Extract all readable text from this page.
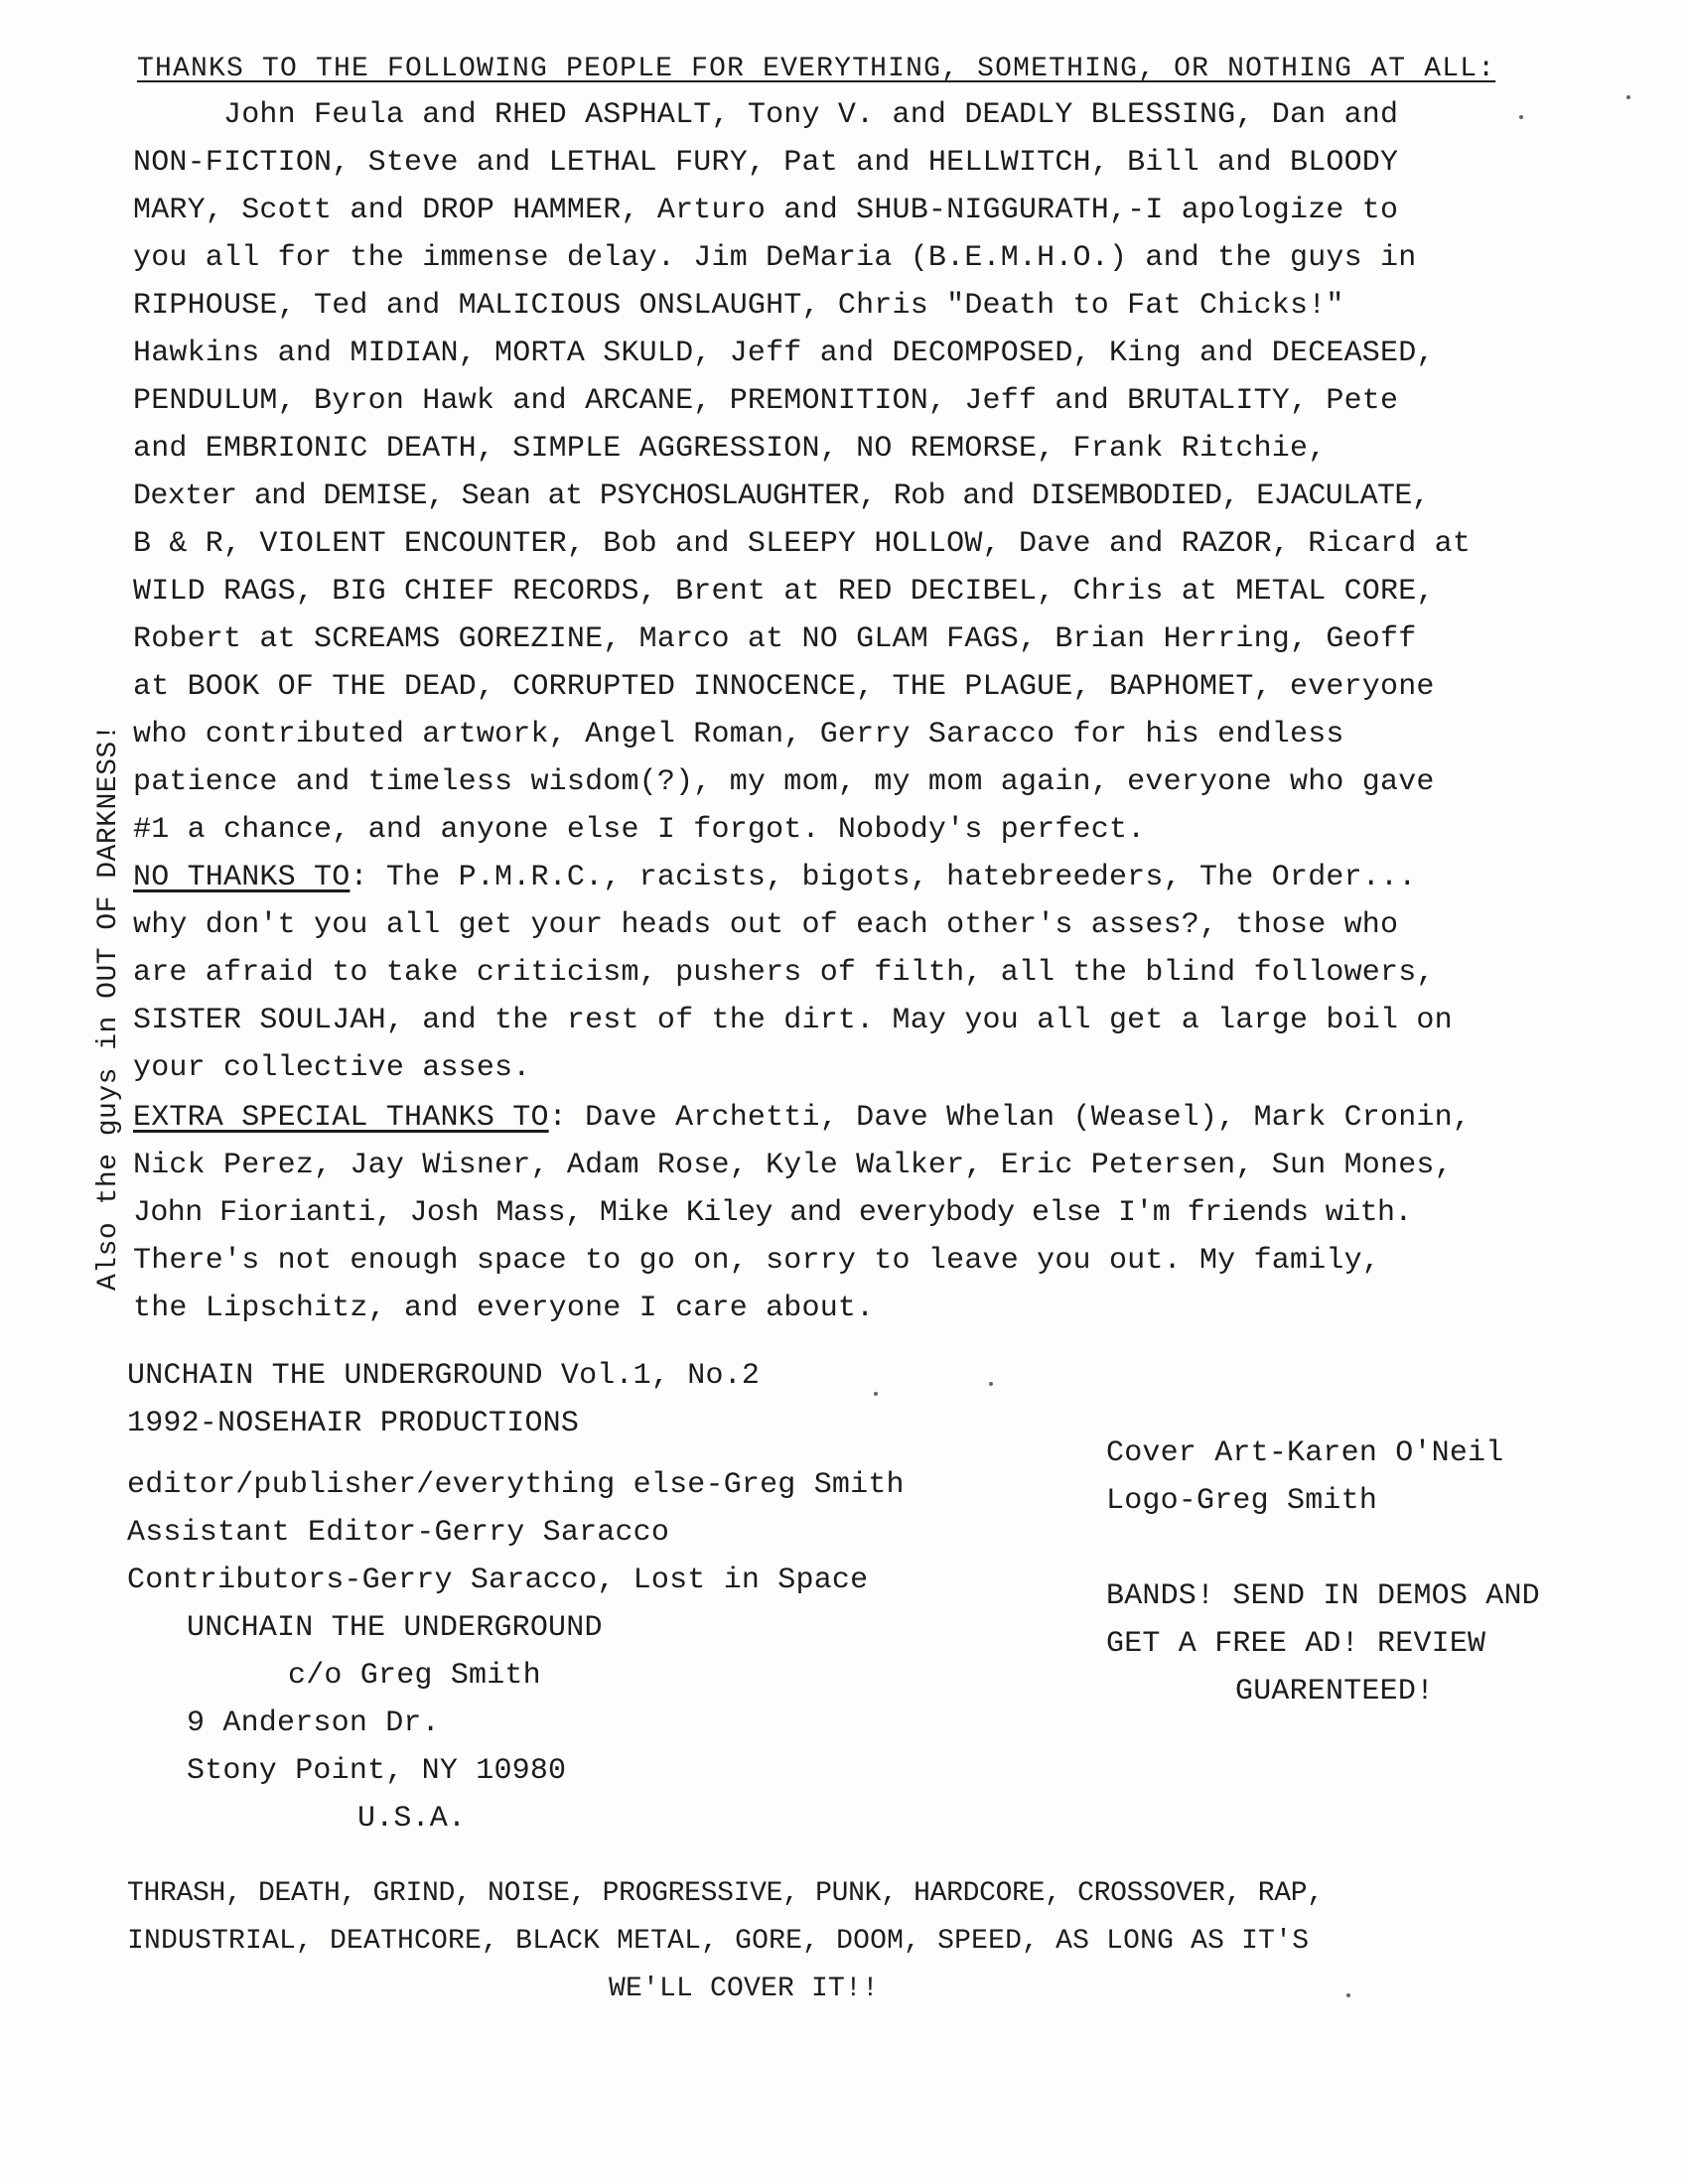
THANKS TO THE FOLLOWING PEOPLE FOR EVERYTHING, SOMETHING, OR NOTHING AT ALL:
John Feula and RHED ASPHALT, Tony V. and DEADLY BLESSING, Dan and
NON-FICTION, Steve and LETHAL FURY, Pat and HELLWITCH, Bill and BLOODY
MARY, Scott and DROP HAMMER, Arturo and SHUB-NIGGURATH,-I apologize to
you all for the immense delay. Jim DeMaria (B.E.M.H.O.) and the guys in
RIPHOUSE, Ted and MALICIOUS ONSLAUGHT, Chris "Death to Fat Chicks!"
Hawkins and MIDIAN, MORTA SKULD, Jeff and DECOMPOSED, King and DECEASED,
PENDULUM, Byron Hawk and ARCANE, PREMONITION, Jeff and BRUTALITY, Pete
and EMBRIONIC DEATH, SIMPLE AGGRESSION, NO REMORSE, Frank Ritchie,
Dexter and DEMISE, Sean at PSYCHOSLAUGHTER, Rob and DISEMBODIED, EJACULATE,
B & R, VIOLENT ENCOUNTER, Bob and SLEEPY HOLLOW, Dave and RAZOR, Ricard at
WILD RAGS, BIG CHIEF RECORDS, Brent at RED DECIBEL, Chris at METAL CORE,
Robert at SCREAMS GOREZINE, Marco at NO GLAM FAGS, Brian Herring, Geoff
at BOOK OF THE DEAD, CORRUPTED INNOCENCE, THE PLAGUE, BAPHOMET, everyone
who contributed artwork, Angel Roman, Gerry Saracco for his endless
patience and timeless wisdom(?), my mom, my mom again, everyone who gave
#1 a chance, and anyone else I forgot. Nobody's perfect.
NO THANKS TO: The P.M.R.C., racists, bigots, hatebreeders, The Order...
why don't you all get your heads out of each other's asses?, those who
are afraid to take criticism, pushers of filth, all the blind followers,
SISTER SOULJAH, and the rest of the dirt. May you all get a large boil on
your collective asses.
EXTRA SPECIAL THANKS TO: Dave Archetti, Dave Whelan (Weasel), Mark Cronin,
Nick Perez, Jay Wisner, Adam Rose, Kyle Walker, Eric Petersen, Sun Mones,
John Fiorianti, Josh Mass, Mike Kiley and everybody else I'm friends with.
There's not enough space to go on, sorry to leave you out. My family,
the Lipschitz, and everyone I care about.
Also the guys in OUT OF DARKNESS!
UNCHAIN THE UNDERGROUND Vol.1, No.2
1992-NOSEHAIR PRODUCTIONS
editor/publisher/everything else-Greg Smith
Assistant Editor-Gerry Saracco
Contributors-Gerry Saracco, Lost in Space
UNCHAIN THE UNDERGROUND
c/o Greg Smith
9 Anderson Dr.
Stony Point, NY 10980
U.S.A.
Cover Art-Karen O'Neil
Logo-Greg Smith
BANDS! SEND IN DEMOS AND
GET A FREE AD! REVIEW
GUARENTEED!
THRASH, DEATH, GRIND, NOISE, PROGRESSIVE, PUNK, HARDCORE, CROSSOVER, RAP,
INDUSTRIAL, DEATHCORE, BLACK METAL, GORE, DOOM, SPEED, AS LONG AS IT'S
WE'LL COVER IT!!
